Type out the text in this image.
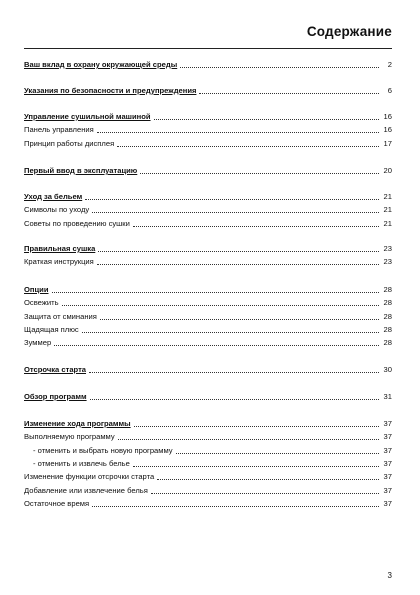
Содержание
Ваш вклад в охрану окружающей среды	2
Указания по безопасности и предупреждения	6
Управление сушильной машиной	16
Панель управления	16
Принцип работы дисплея	17
Первый ввод в эксплуатацию	20
Уход за бельем	21
Символы по уходу	21
Советы по проведению сушки	21
Правильная сушка	23
Краткая инструкция	23
Опции	28
Освежить	28
Защита от сминания	28
Щадящая плюс	28
Зуммер	28
Отсрочка старта	30
Обзор программ	31
Изменение хода программы	37
Выполняемую программу	37
- отменить и выбрать новую программу	37
- отменить и извлечь белье	37
Изменение функции отсрочки старта	37
Добавление или извлечение белья	37
Остаточное время	37
3
